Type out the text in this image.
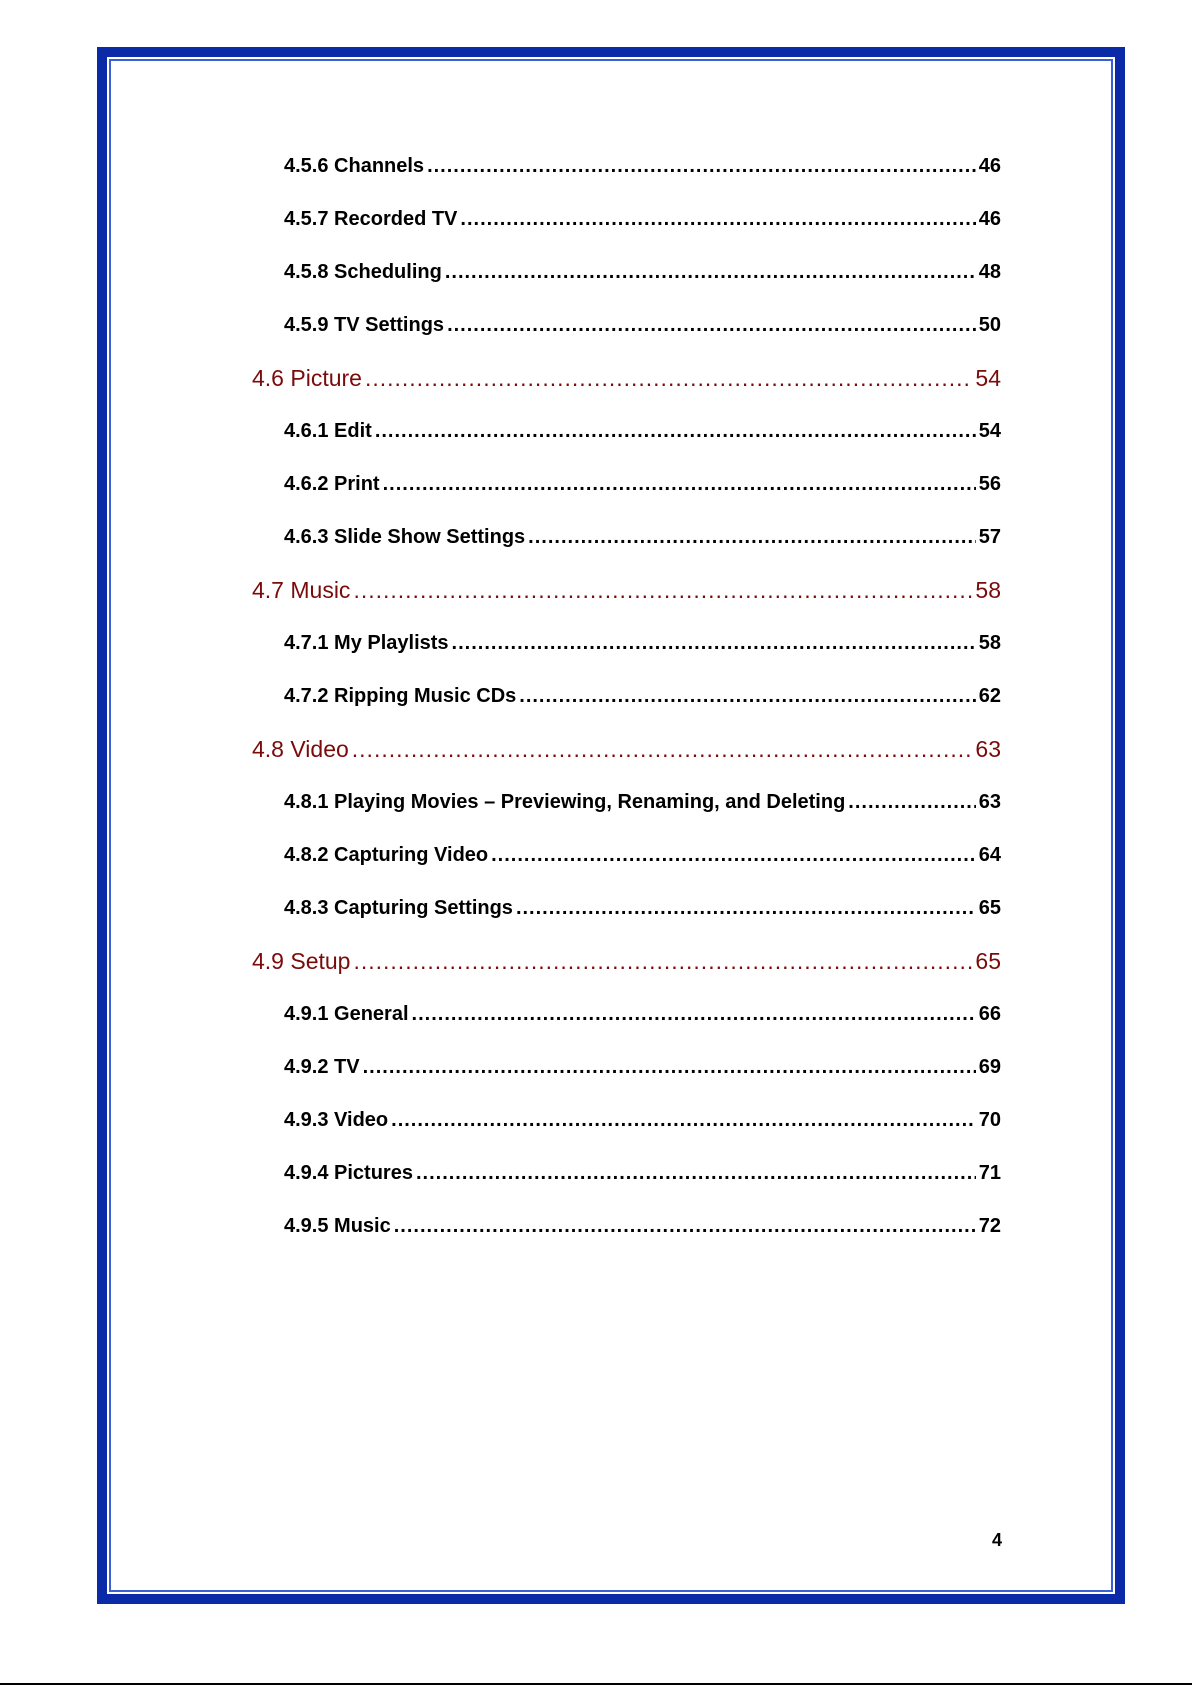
4.5.6 Channels .....	46
4.5.7 Recorded TV .....	46
4.5.8 Scheduling .....	48
4.5.9 TV Settings .....	50
4.6 Picture .....	54
4.6.1 Edit .....	54
4.6.2 Print .....	56
4.6.3 Slide Show Settings .....	57
4.7 Music .....	58
4.7.1 My Playlists .....	58
4.7.2 Ripping Music CDs .....	62
4.8 Video .....	63
4.8.1 Playing Movies – Previewing, Renaming, and Deleting .....	63
4.8.2 Capturing Video .....	64
4.8.3 Capturing Settings .....	65
4.9 Setup .....	65
4.9.1 General .....	66
4.9.2 TV .....	69
4.9.3 Video .....	70
4.9.4 Pictures .....	71
4.9.5 Music .....	72
4
